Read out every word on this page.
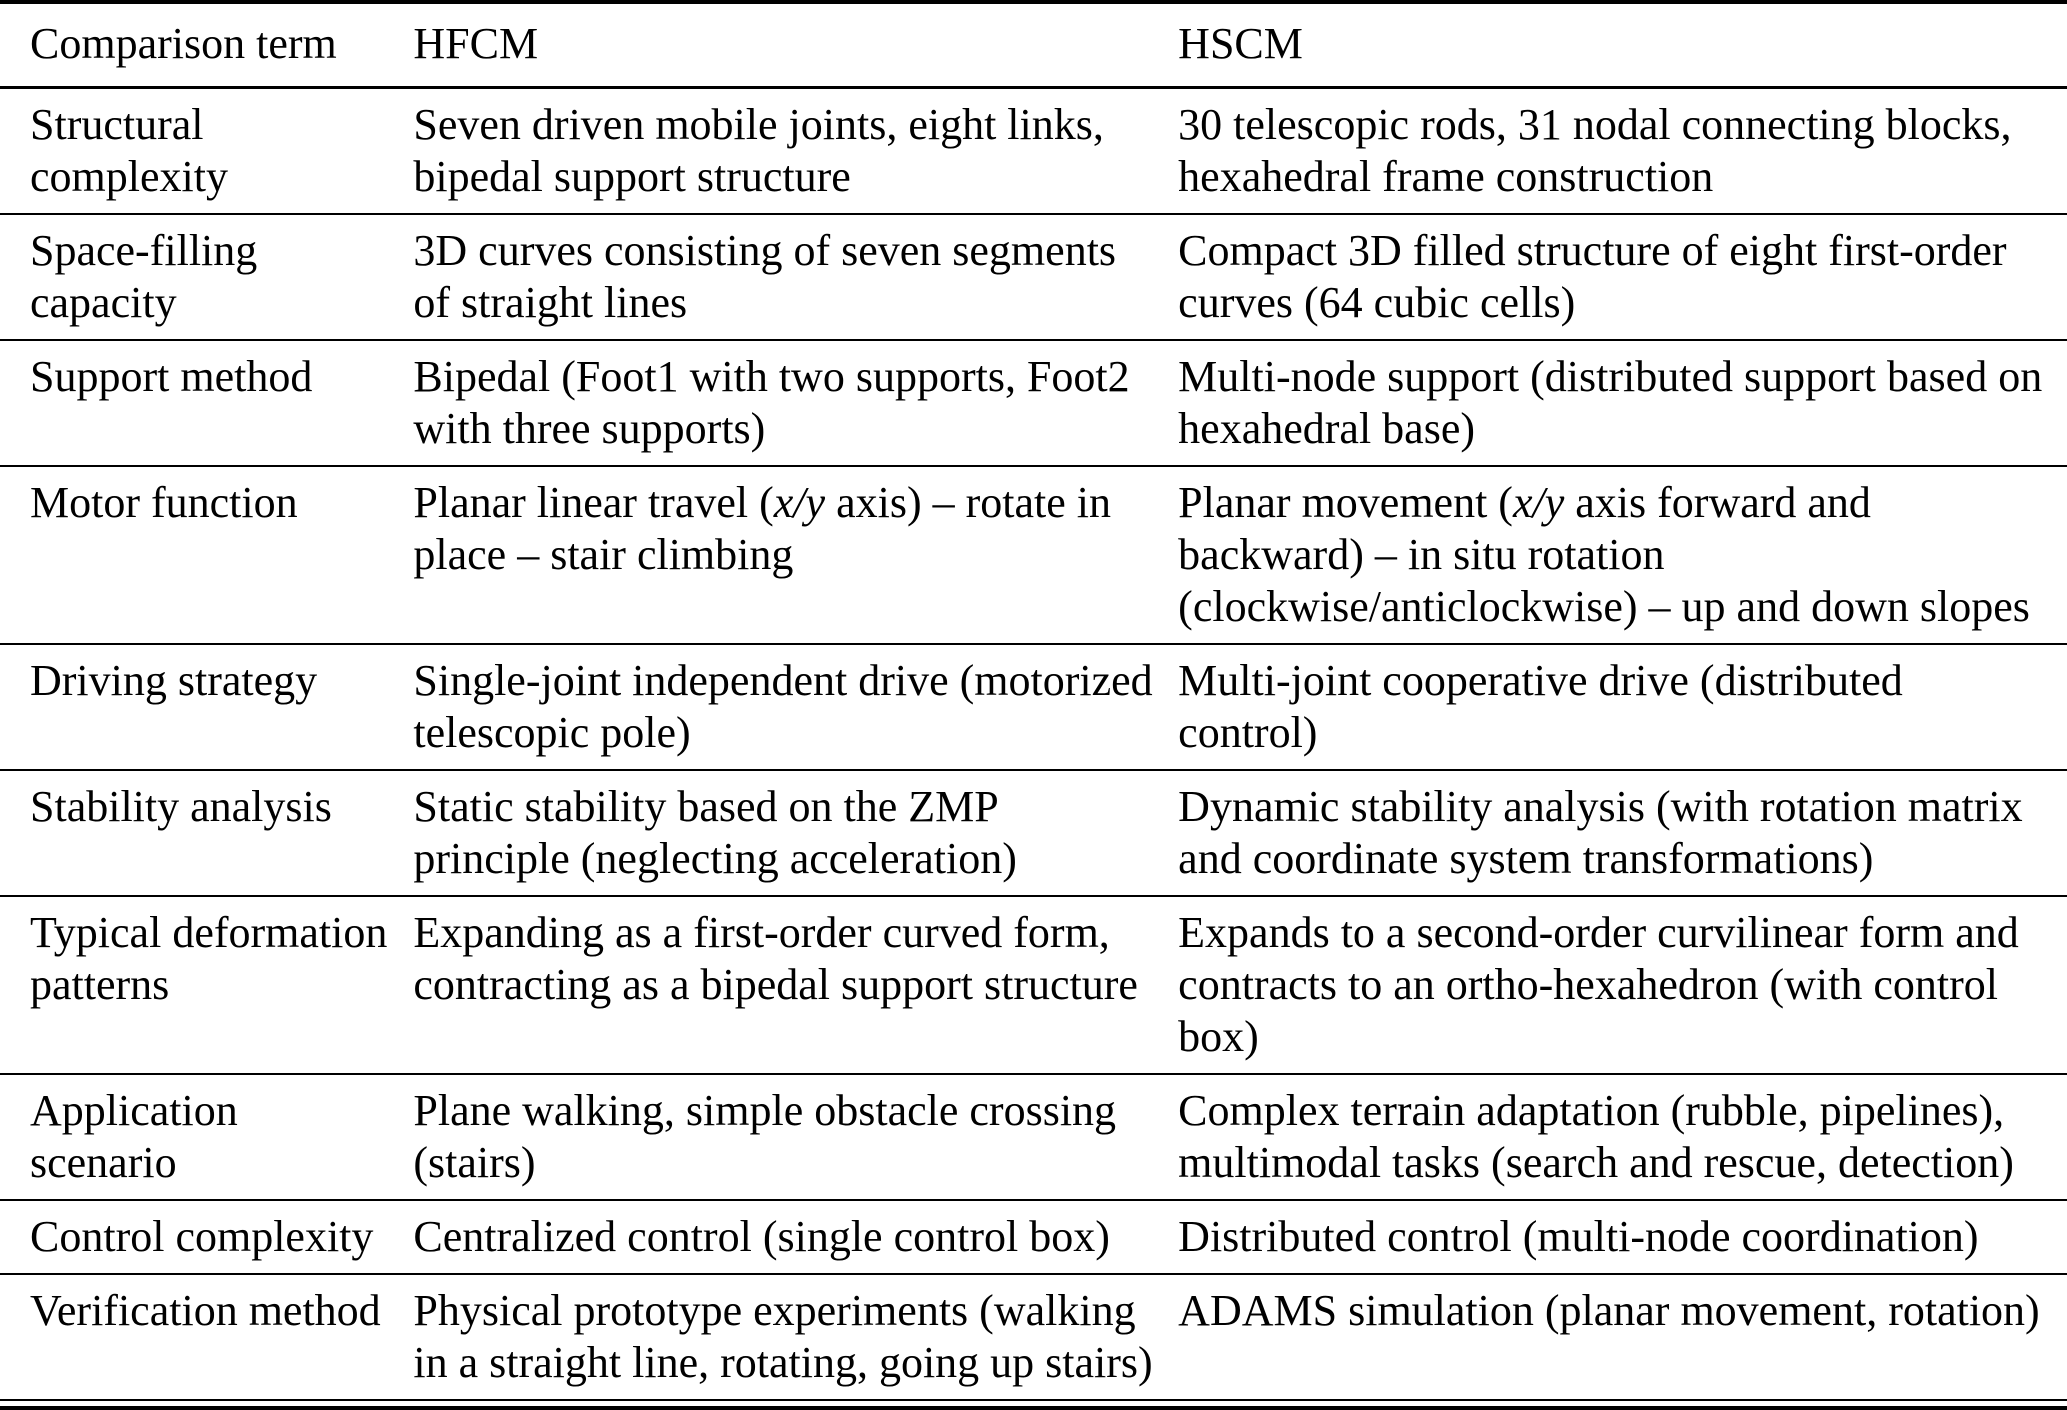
Comparison term	HFCM	HSCM
Structural complexity	Seven driven mobile joints, eight links, bipedal support structure	30 telescopic rods, 31 nodal connecting blocks, hexahedral frame construction
Space-filling capacity	3D curves consisting of seven segments of straight lines	Compact 3D filled structure of eight first-order curves (64 cubic cells)
Support method	Bipedal (Foot1 with two supports, Foot2 with three supports)	Multi-node support (distributed support based on hexahedral base)
Motor function	Planar linear travel (x/y axis) – rotate in place – stair climbing	Planar movement (x/y axis forward and backward) – in situ rotation (clockwise/anticlockwise) – up and down slopes
Driving strategy	Single-joint independent drive (motorized telescopic pole)	Multi-joint cooperative drive (distributed control)
Stability analysis	Static stability based on the ZMP principle (neglecting acceleration)	Dynamic stability analysis (with rotation matrix and coordinate system transformations)
Typical deformation patterns	Expanding as a first-order curved form, contracting as a bipedal support structure	Expands to a second-order curvilinear form and contracts to an ortho-hexahedron (with control box)
Application scenario	Plane walking, simple obstacle crossing (stairs)	Complex terrain adaptation (rubble, pipelines), multimodal tasks (search and rescue, detection)
Control complexity	Centralized control (single control box)	Distributed control (multi-node coordination)
Verification method	Physical prototype experiments (walking in a straight line, rotating, going up stairs)	ADAMS simulation (planar movement, rotation)
